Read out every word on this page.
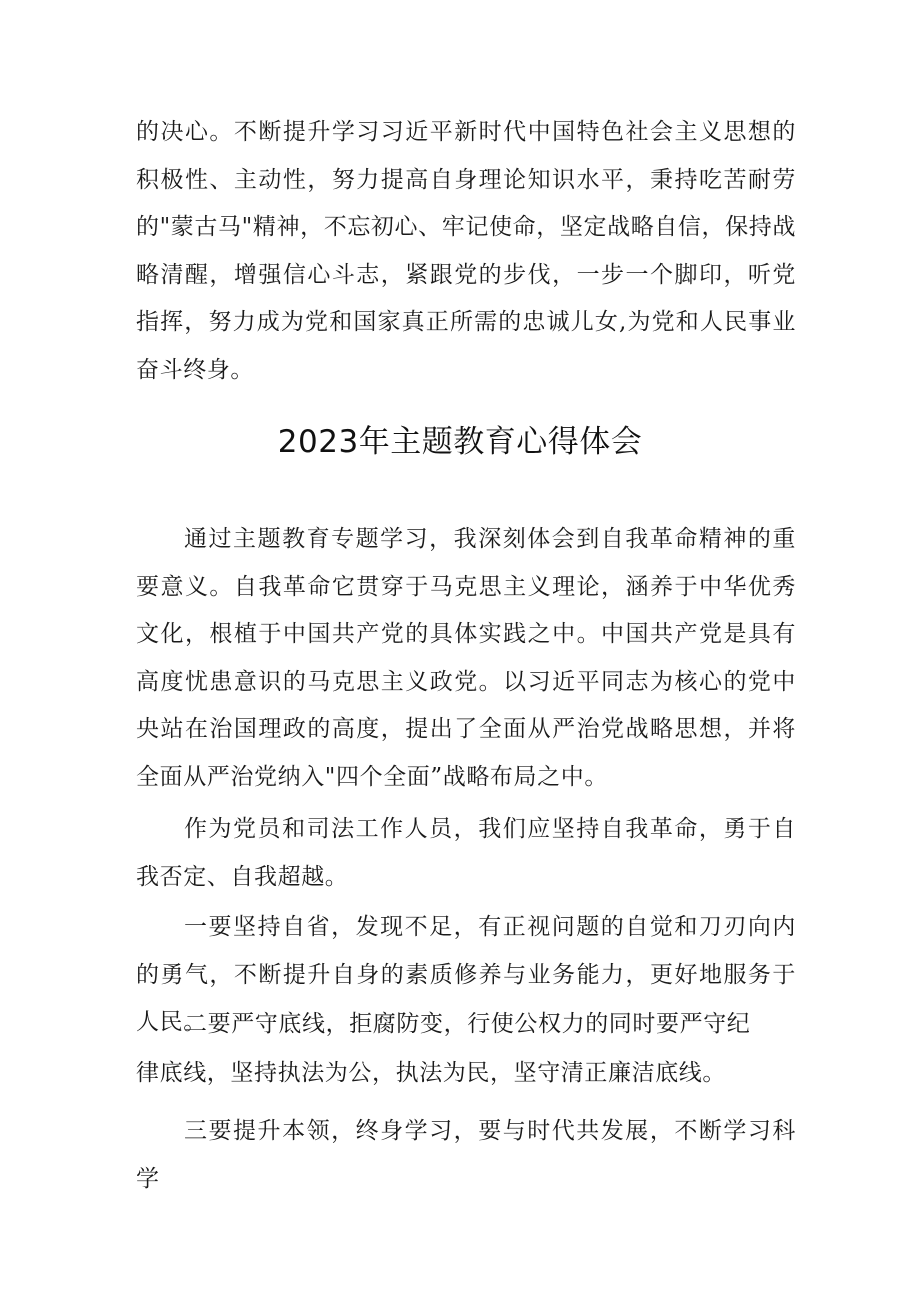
的决心。不断提升学习习近平新时代中国特色社会主义思想的积极性、主动性，努力提高自身理论知识水平，秉持吃苦耐劳的"蒙古马"精神，不忘初心、牢记使命，坚定战略自信，保持战略清醒，增强信心斗志，紧跟党的步伐，一步一个脚印，听党指挥，努力成为党和国家真正所需的忠诚儿女,为党和人民事业奋斗终身。

2023年主题教育心得体会

通过主题教育专题学习，我深刻体会到自我革命精神的重要意义。自我革命它贯穿于马克思主义理论，涵养于中华优秀文化，根植于中国共产党的具体实践之中。中国共产党是具有高度忧患意识的马克思主义政党。以习近平同志为核心的党中央站在治国理政的高度，提出了全面从严治党战略思想，并将全面从严治党纳入"四个全面”战略布局之中。

作为党员和司法工作人员，我们应坚持自我革命，勇于自我否定、自我超越。

一要坚持自省，发现不足，有正视问题的自觉和刀刃向内的勇气，不断提升自身的素质修养与业务能力，更好地服务于人民。

二要严守底线，拒腐防变，行使公权力的同时要严守纪

律底线，坚持执法为公，执法为民，坚守清正廉洁底线。

三要提升本领，终身学习，要与时代共发展，不断学习科学
